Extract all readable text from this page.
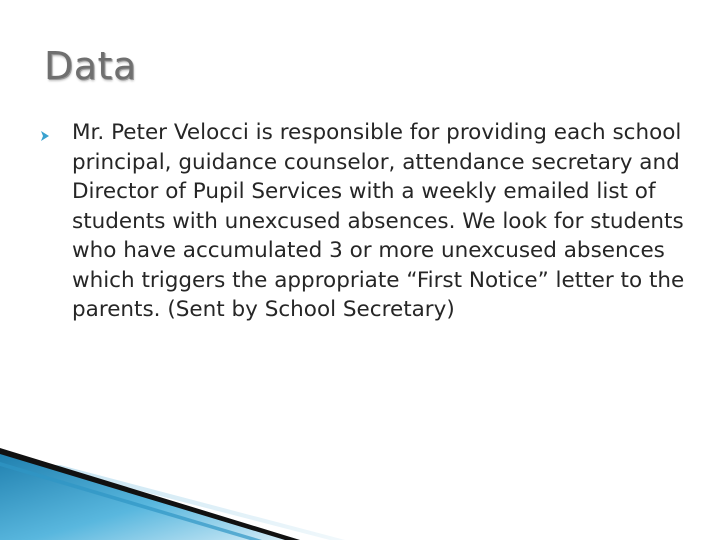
Data
Mr. Peter Velocci is responsible for providing each school principal, guidance counselor, attendance secretary and Director of Pupil Services with a weekly emailed list of students with unexcused absences. We look for students who have accumulated 3 or more unexcused absences which triggers the appropriate “First Notice” letter to the parents. (Sent by School Secretary)
